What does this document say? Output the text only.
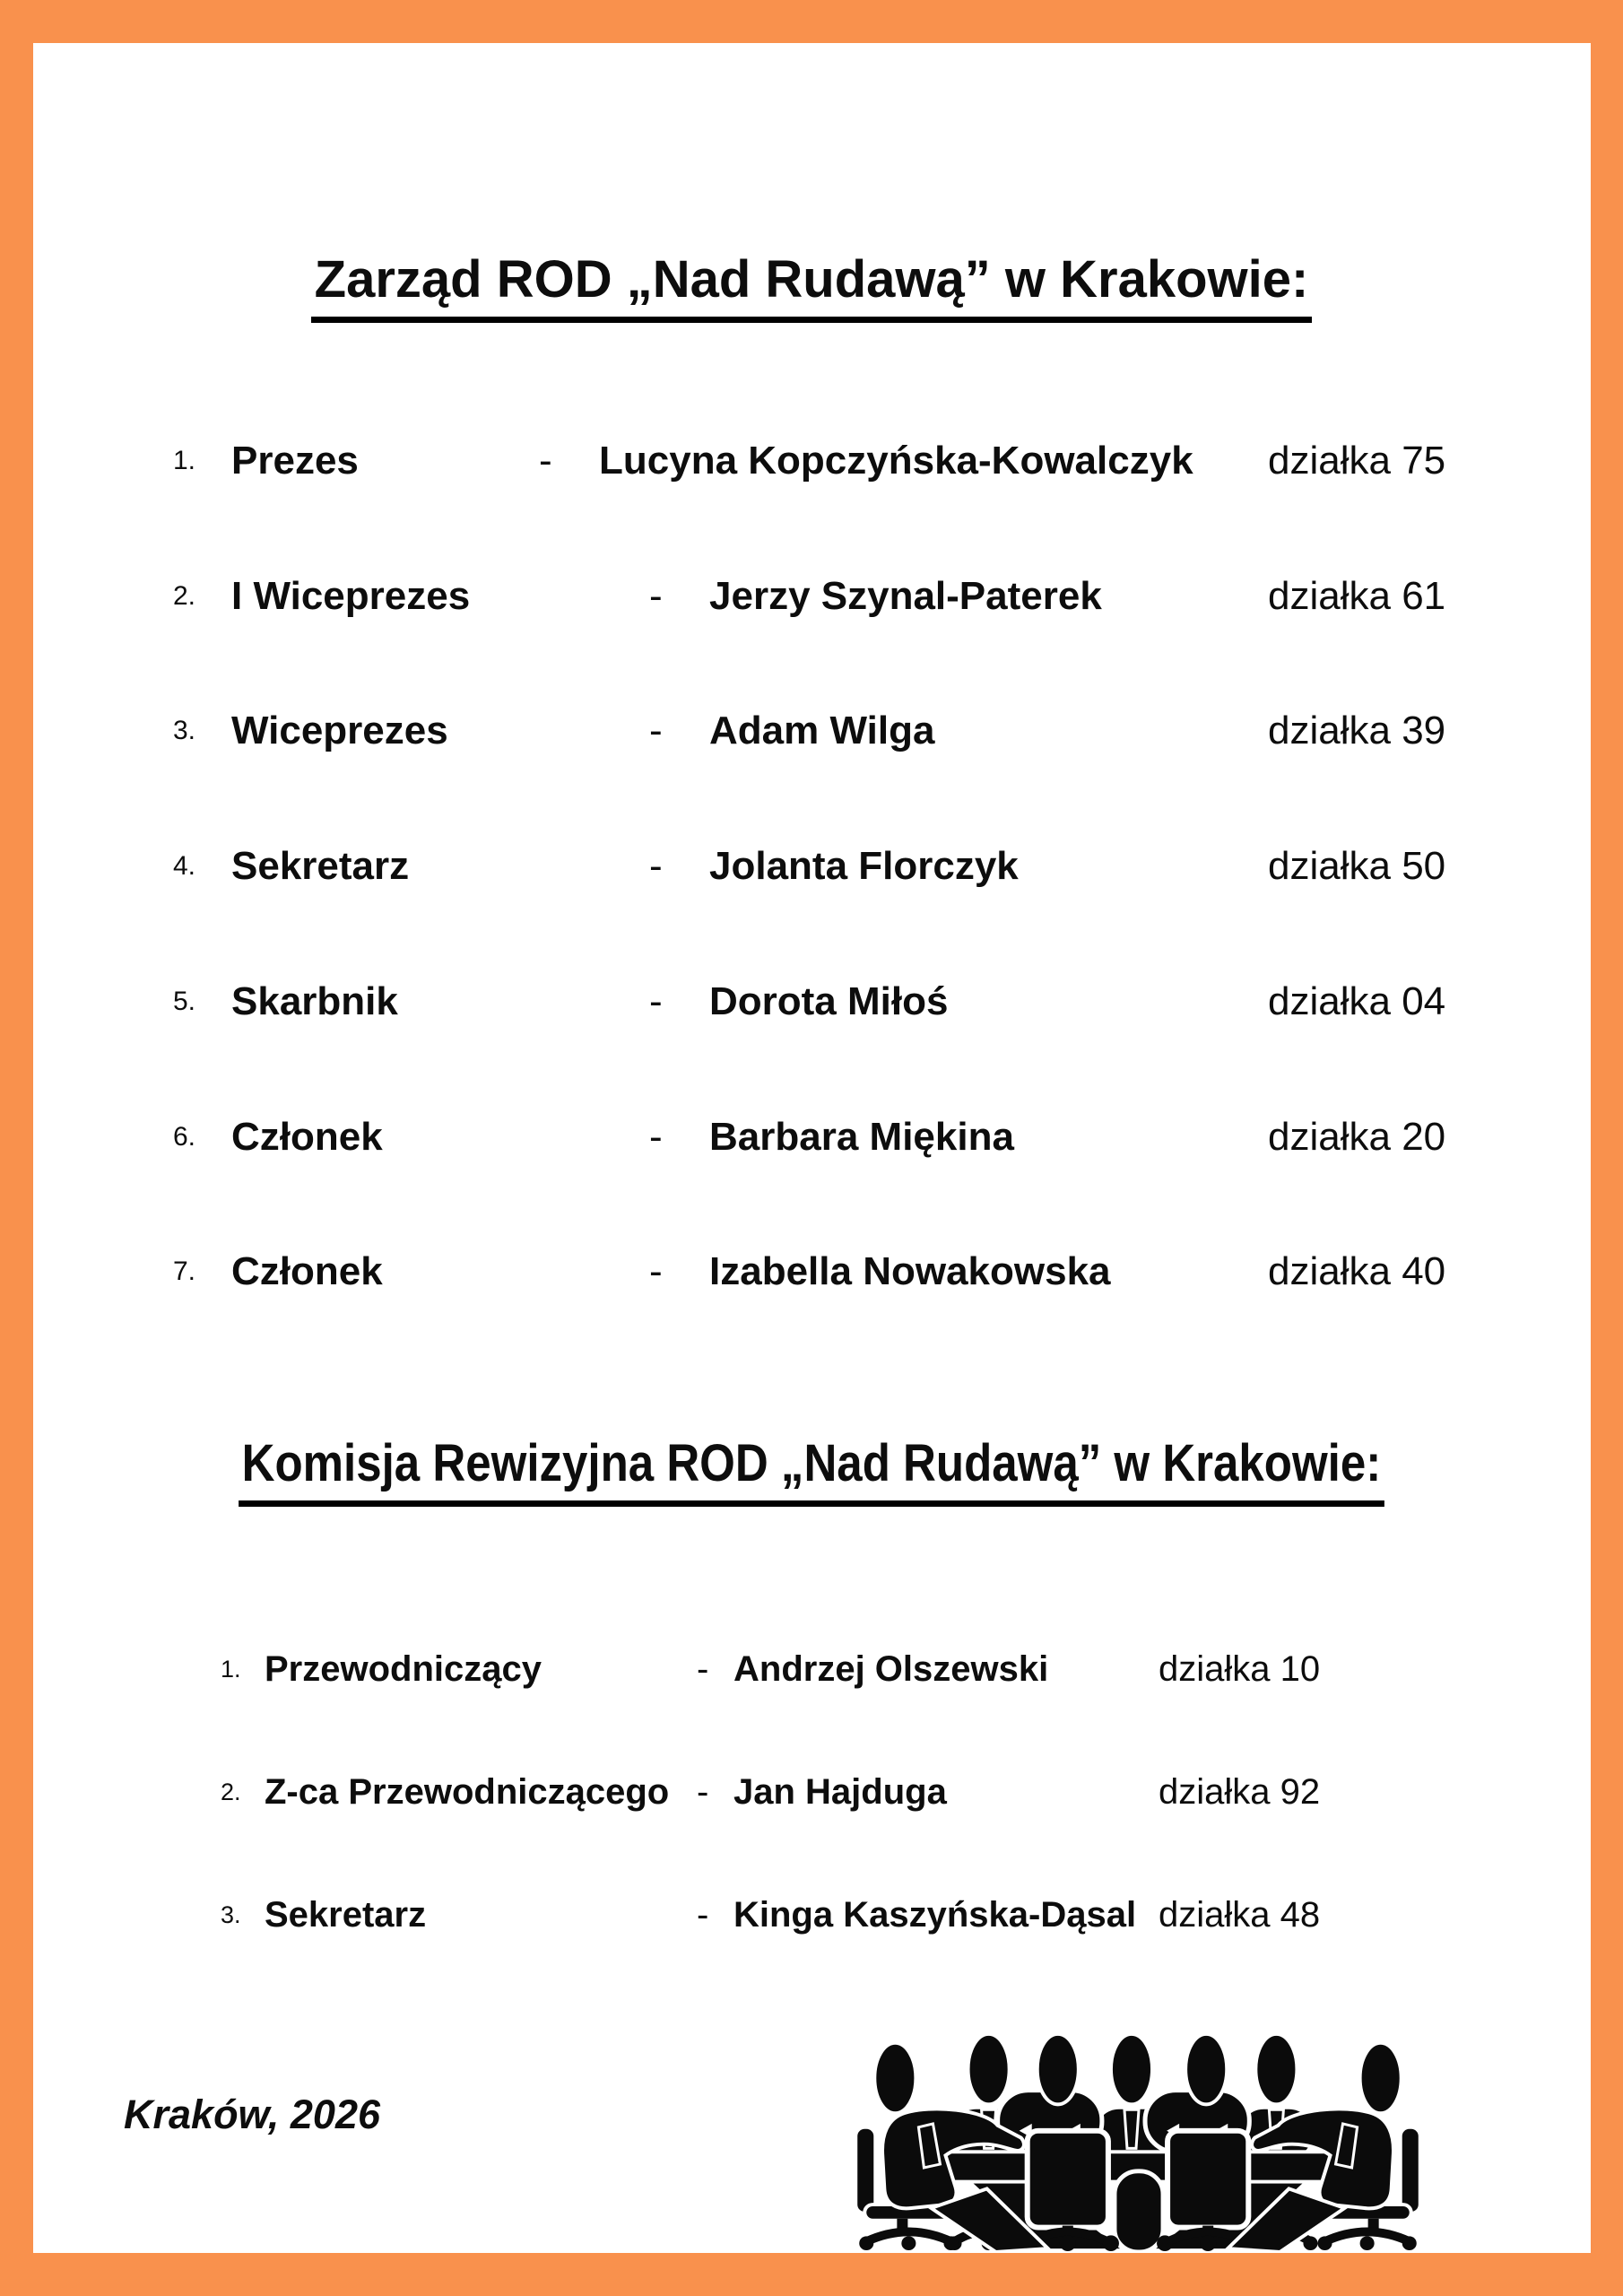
Zarząd ROD „Nad Rudawą” w Krakowie:
1. Prezes	- Lucyna Kopczyńska-Kowalczyk działka 75
2. I Wiceprezes	- Jerzy Szynal-Paterek	działka 61
3. Wiceprezes	- Adam Wilga	działka 39
4. Sekretarz	- Jolanta Florczyk	działka 50
5. Skarbnik	- Dorota Miłoś	działka 04
6. Członek	- Barbara Miękina	działka 20
7. Członek	- Izabella Nowakowska	działka 40
Komisja Rewizyjna ROD „Nad Rudawą” w Krakowie:
1. Przewodniczący	- Andrzej Olszewski	działka 10
2. Z-ca Przewodniczącego - Jan Hajduga	działka 92
3. Sekretarz	- Kinga Kaszyńska-Dąsal działka 48
Kraków, 2026
